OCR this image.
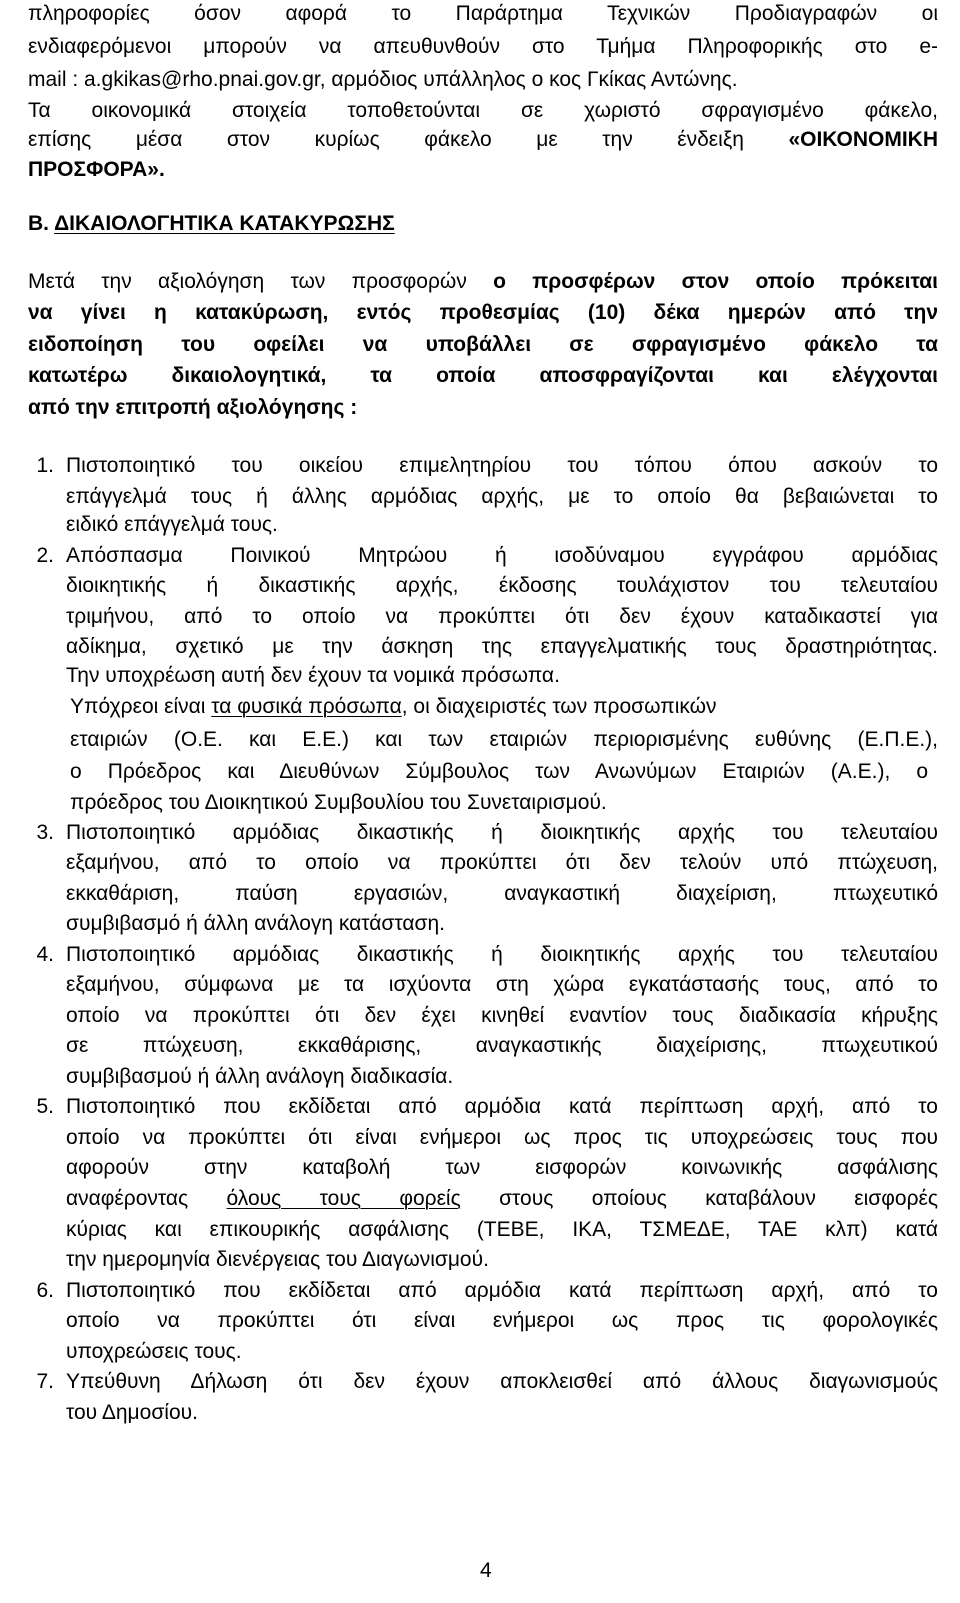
πληροφορίες όσον αφορά το Παράρτημα Τεχνικών Προδιαγραφών οι
ενδιαφερόμενοι μπορούν να απευθυνθούν στο Τμήμα Πληροφορικής στο e-
mail : a.gkikas@rho.pnai.gov.gr, αρμόδιος υπάλληλος ο κος Γκίκας Αντώνης.
Τα οικονομικά στοιχεία τοποθετούνται σε χωριστό σφραγισμένο φάκελο,
επίσης μέσα στον κυρίως φάκελο με την ένδειξη «ΟΙΚΟΝΟΜΙΚΗ
ΠΡΟΣΦΟΡΑ».
Β. ΔΙΚΑΙΟΛΟΓΗΤΙΚΑ ΚΑΤΑΚΥΡΩΣΗΣ
Μετά την αξιολόγηση των προσφορών ο προσφέρων στον οποίο πρόκειται
να γίνει η κατακύρωση, εντός προθεσμίας (10) δέκα ημερών από την
ειδοποίηση του οφείλει να υποβάλλει σε σφραγισμένο φάκελο τα
κατωτέρω δικαιολογητικά, τα οποία αποσφραγίζονται και ελέγχονται
από την επιτροπή αξιολόγησης :
1. Πιστοποιητικό του οικείου επιμελητηρίου του τόπου όπου ασκούν το
επάγγελμά τους ή άλλης αρμόδιας αρχής, με το οποίο θα βεβαιώνεται το
ειδικό επάγγελμά τους.
2. Απόσπασμα Ποινικού Μητρώου ή ισοδύναμου εγγράφου αρμόδιας
διοικητικής ή δικαστικής αρχής, έκδοσης τουλάχιστον του τελευταίου
τριμήνου, από το οποίο να προκύπτει ότι δεν έχουν καταδικαστεί για
αδίκημα, σχετικό με την άσκηση της επαγγελματικής τους δραστηριότητας.
Την υποχρέωση αυτή δεν έχουν τα νομικά πρόσωπα.
Υπόχρεοι είναι τα φυσικά πρόσωπα, οι διαχειριστές των προσωπικών
εταιριών (Ο.Ε. και Ε.Ε.) και των εταιριών περιορισμένης ευθύνης (Ε.Π.Ε.),
ο Πρόεδρος και Διευθύνων Σύμβουλος των Ανωνύμων Εταιριών (Α.Ε.), ο
πρόεδρος του Διοικητικού Συμβουλίου του Συνεταιρισμού.
3. Πιστοποιητικό αρμόδιας δικαστικής ή διοικητικής αρχής του τελευταίου
εξαμήνου, από το οποίο να προκύπτει ότι δεν τελούν υπό πτώχευση,
εκκαθάριση, παύση εργασιών, αναγκαστική διαχείριση, πτωχευτικό
συμβιβασμό ή άλλη ανάλογη κατάσταση.
4. Πιστοποιητικό αρμόδιας δικαστικής ή διοικητικής αρχής του τελευταίου
εξαμήνου, σύμφωνα με τα ισχύοντα στη χώρα εγκατάστασής τους, από το
οποίο να προκύπτει ότι δεν έχει κινηθεί εναντίον τους διαδικασία κήρυξης
σε πτώχευση, εκκαθάρισης, αναγκαστικής διαχείρισης, πτωχευτικού
συμβιβασμού ή άλλη ανάλογη διαδικασία.
5. Πιστοποιητικό που εκδίδεται από αρμόδια κατά περίπτωση αρχή, από το
οποίο να προκύπτει ότι είναι ενήμερoι ως προς τις υποχρεώσεις τους που
αφορούν στην καταβολή των εισφορών κοινωνικής ασφάλισης
αναφέροντας όλους τους φορείς στους οποίους καταβάλουν εισφορές
κύριας και επικουρικής ασφάλισης (ΤΕΒΕ, ΙΚΑ, ΤΣΜΕΔΕ, ΤΑΕ κλπ) κατά
την ημερομηνία διενέργειας του Διαγωνισμού.
6. Πιστοποιητικό που εκδίδεται από αρμόδια κατά περίπτωση αρχή, από το
οποίο να προκύπτει ότι είναι ενήμεροι ως προς τις φορολογικές
υποχρεώσεις τους.
7. Υπεύθυνη Δήλωση ότι δεν έχουν αποκλεισθεί από άλλους διαγωνισμούς
του Δημοσίου.
4
